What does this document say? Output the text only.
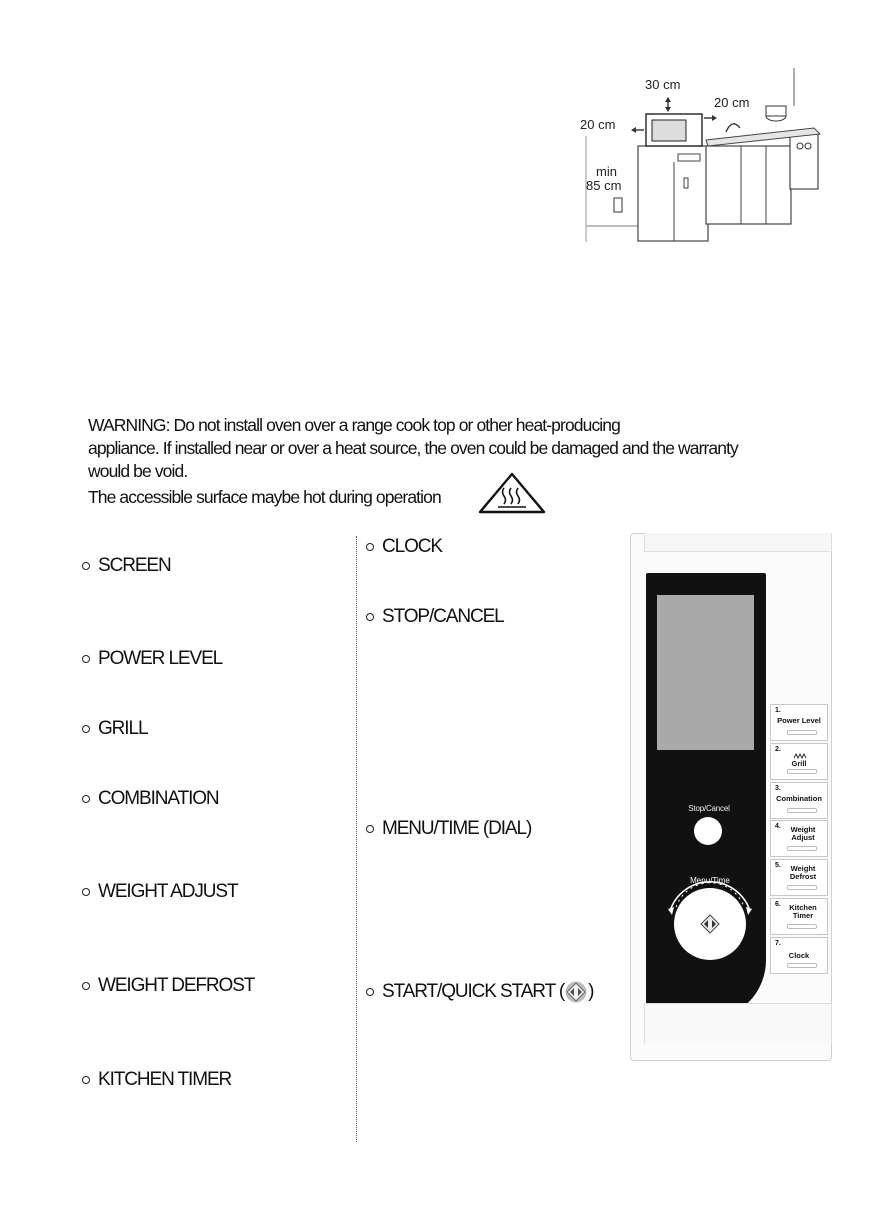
30 cm
20 cm
20 cm
min
85 cm
WARNING: Do not install oven over a range cook top or other heat-producing
appliance. If installed near or over a heat source, the oven could be damaged and the warranty
would be void.
The accessible surface maybe hot during operation
SCREEN
POWER LEVEL
GRILL
COMBINATION
WEIGHT ADJUST
WEIGHT DEFROST
KITCHEN TIMER
CLOCK
STOP/CANCEL
MENU/TIME (DIAL)
START/QUICK START ( )
Stop/Cancel
Menu/Time
1.
Power Level
2.
Grill
3.
Combination
4.	Weight Adjust
5.	Weight Defrost
6.	Kitchen Timer
7.
Clock
